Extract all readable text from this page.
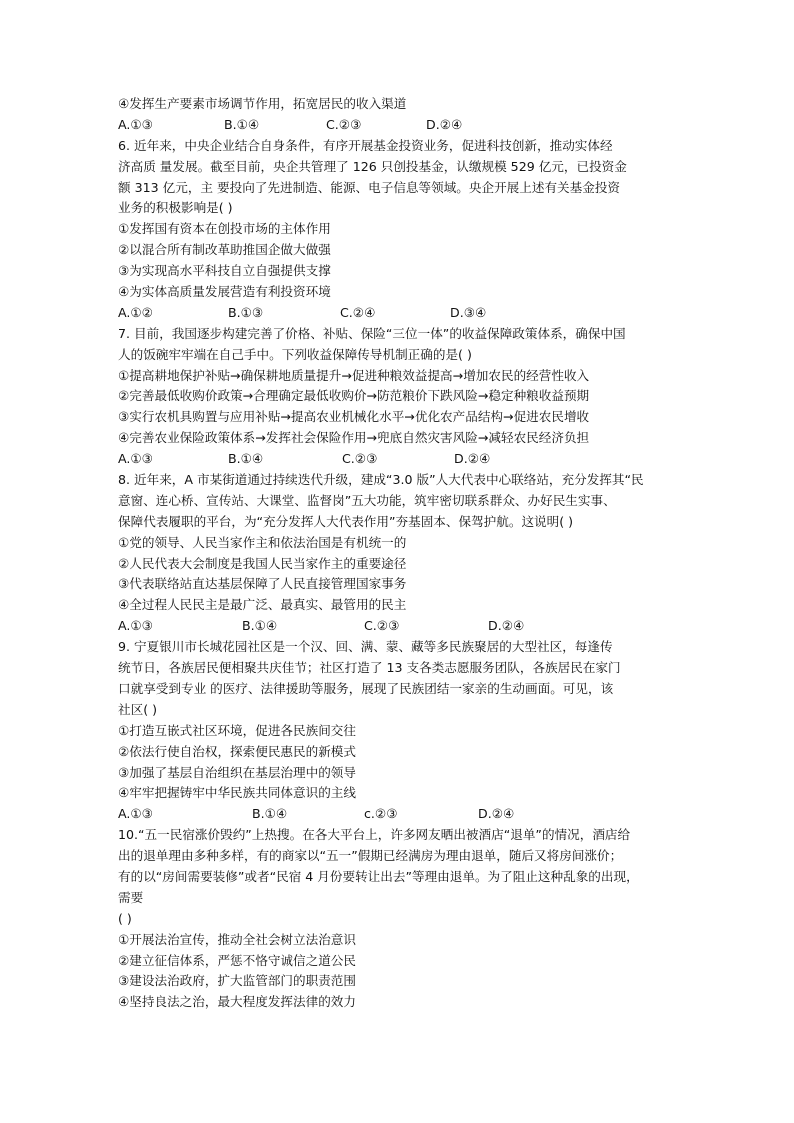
④发挥生产要素市场调节作用，拓宽居民的收入渠道
A.①③	B.①④	C.②③	D.②④
6. 近年来，中央企业结合自身条件，有序开展基金投资业务，促进科技创新，推动实体经
济高质 量发展。截至目前，央企共管理了 126 只创投基金，认缴规模 529 亿元，已投资金
额 313 亿元，主 要投向了先进制造、能源、电子信息等领域。央企开展上述有关基金投资
业务的积极影响是( )
①发挥国有资本在创投市场的主体作用
②以混合所有制改革助推国企做大做强
③为实现高水平科技自立自强提供支撑
④为实体高质量发展营造有利投资环境
A.①②	B.①③	C.②④	D.③④
7. 目前，我国逐步构建完善了价格、补贴、保险“三位一体”的收益保障政策体系，确保中国
人的饭碗牢牢端在自己手中。下列收益保障传导机制正确的是( )
①提高耕地保护补贴→确保耕地质量提升→促进种粮效益提高→增加农民的经营性收入
②完善最低收购价政策→合理确定最低收购价→防范粮价下跌风险→稳定种粮收益预期
③实行农机具购置与应用补贴→提高农业机械化水平→优化农产品结构→促进农民增收
④完善农业保险政策体系→发挥社会保险作用→兜底自然灾害风险→减轻农民经济负担
A.①③	B.①④	C.②③	D.②④
8. 近年来，A 市某街道通过持续迭代升级，建成“3.0 版”人大代表中心联络站，充分发挥其“民
意窗、连心桥、宣传站、大课堂、监督岗”五大功能，筑牢密切联系群众、办好民生实事、
保障代表履职的平台，为“充分发挥人大代表作用”夯基固本、保驾护航。这说明( )
①党的领导、人民当家作主和依法治国是有机统一的
②人民代表大会制度是我国人民当家作主的重要途径
③代表联络站直达基层保障了人民直接管理国家事务
④全过程人民民主是最广泛、最真实、最管用的民主
A.①③	B.①④	C.②③	D.②④
9. 宁夏银川市长城花园社区是一个汉、回、满、蒙、藏等多民族聚居的大型社区，每逢传
统节日，各族居民便相聚共庆佳节；社区打造了 13 支各类志愿服务团队，各族居民在家门
口就享受到专业 的医疗、法律援助等服务，展现了民族团结一家亲的生动画面。可见，该
社区( )
①打造互嵌式社区环境，促进各民族间交往
②依法行使自治权，探索便民惠民的新模式
③加强了基层自治组织在基层治理中的领导
④牢牢把握铸牢中华民族共同体意识的主线
A.①③	B.①④	c.②③	D.②④
10.“五一民宿涨价毁约”上热搜。在各大平台上，许多网友晒出被酒店“退单”的情况，酒店给
出的退单理由多种多样，有的商家以“五一”假期已经满房为理由退单，随后又将房间涨价；
有的以“房间需要装修”或者“民宿 4 月份要转让出去”等理由退单。为了阻止这种乱象的出现，
需要
( )
①开展法治宣传，推动全社会树立法治意识
②建立征信体系，严惩不恪守诚信之道公民
③建设法治政府，扩大监管部门的职责范围
④坚持良法之治，最大程度发挥法律的效力
